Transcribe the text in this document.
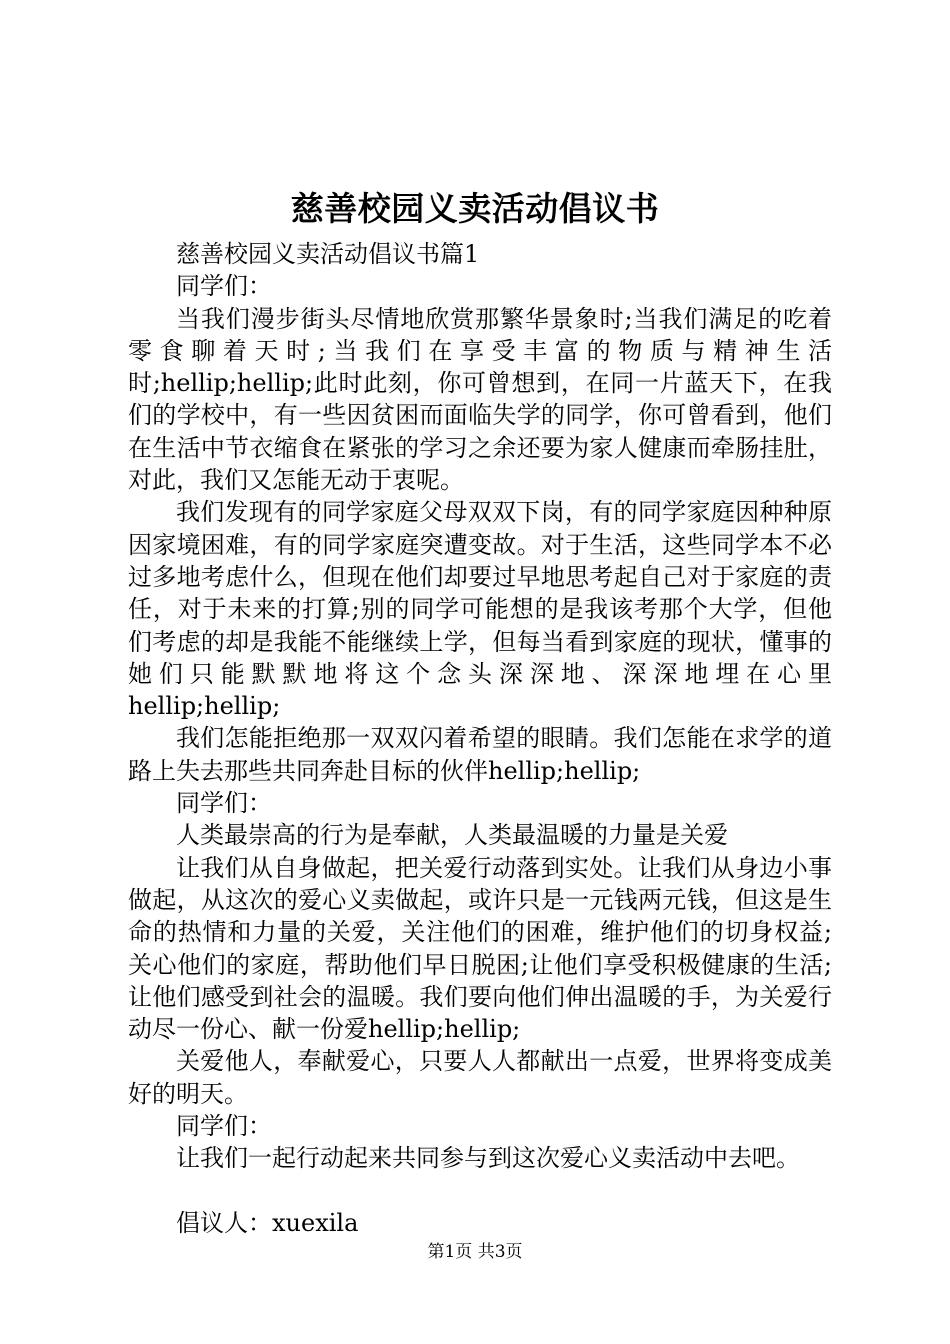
慈善校园义卖活动倡议书

慈善校园义卖活动倡议书篇1

同学们：

当我们漫步街头尽情地欣赏那繁华景象时;当我们满足的吃着零食聊着天时;当我们在享受丰富的物质与精神生活时;hellip;hellip;此时此刻，你可曾想到，在同一片蓝天下，在我们的学校中，有一些因贫困而面临失学的同学，你可曾看到，他们在生活中节衣缩食在紧张的学习之余还要为家人健康而牵肠挂肚，对此，我们又怎能无动于衷呢。

我们发现有的同学家庭父母双双下岗，有的同学家庭因种种原因家境困难，有的同学家庭突遭变故。对于生活，这些同学本不必过多地考虑什么，但现在他们却要过早地思考起自己对于家庭的责任，对于未来的打算;别的同学可能想的是我该考那个大学，但他们考虑的却是我能不能继续上学，但每当看到家庭的现状，懂事的她们只能默默地将这个念头深深地、深深地埋在心里hellip;hellip;

我们怎能拒绝那一双双闪着希望的眼睛。我们怎能在求学的道路上失去那些共同奔赴目标的伙伴hellip;hellip;

同学们：

人类最崇高的行为是奉献，人类最温暖的力量是关爱

让我们从自身做起，把关爱行动落到实处。让我们从身边小事做起，从这次的爱心义卖做起，或许只是一元钱两元钱，但这是生命的热情和力量的关爱，关注他们的困难，维护他们的切身权益;关心他们的家庭，帮助他们早日脱困;让他们享受积极健康的生活;让他们感受到社会的温暖。我们要向他们伸出温暖的手，为关爱行动尽一份心、献一份爱hellip;hellip;

关爱他人，奉献爱心，只要人人都献出一点爱，世界将变成美好的明天。

同学们：

让我们一起行动起来共同参与到这次爱心义卖活动中去吧。

倡议人：xuexila

第1页 共3页
